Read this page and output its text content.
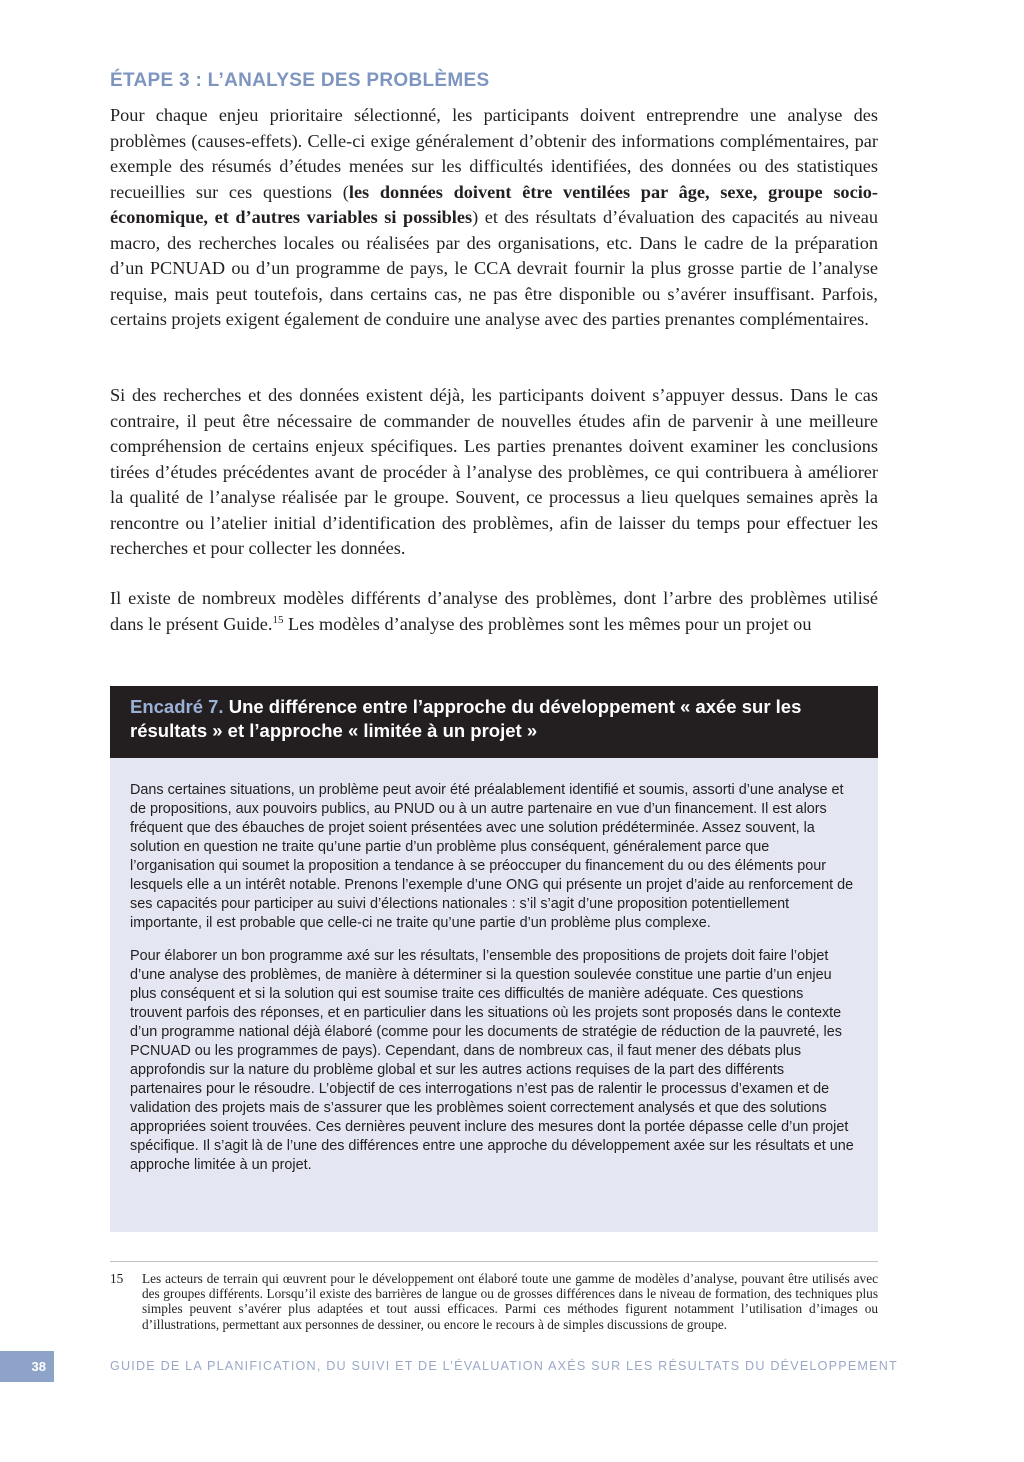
ÉTAPE 3 : L’ANALYSE DES PROBLÈMES

Pour chaque enjeu prioritaire sélectionné, les participants doivent entreprendre une analyse des problèmes (causes-effets). Celle-ci exige généralement d’obtenir des informations complémentaires, par exemple des résumés d’études menées sur les difficultés identifiées, des données ou des statistiques recueillies sur ces questions (les données doivent être ventilées par âge, sexe, groupe socio-économique, et d’autres variables si possibles) et des résultats d’évaluation des capacités au niveau macro, des recherches locales ou réalisées par des organisations, etc. Dans le cadre de la préparation d’un PCNUAD ou d’un programme de pays, le CCA devrait fournir la plus grosse partie de l’analyse requise, mais peut toutefois, dans certains cas, ne pas être disponible ou s’avérer insuffisant. Parfois, certains projets exigent également de conduire une analyse avec des parties prenantes complémentaires.

Si des recherches et des données existent déjà, les participants doivent s’appuyer dessus. Dans le cas contraire, il peut être nécessaire de commander de nouvelles études afin de parvenir à une meilleure compréhension de certains enjeux spécifiques. Les parties prenantes doivent examiner les conclusions tirées d’études précédentes avant de procéder à l’analyse des problèmes, ce qui contribuera à améliorer la qualité de l’analyse réalisée par le groupe. Souvent, ce processus a lieu quelques semaines après la rencontre ou l’atelier initial d’identification des problèmes, afin de laisser du temps pour effectuer les recherches et pour collecter les données.

Il existe de nombreux modèles différents d’analyse des problèmes, dont l’arbre des problèmes utilisé dans le présent Guide.$^{15}$ Les modèles d’analyse des problèmes sont les mêmes pour un projet ou

Encadré 7. Une différence entre l’approche du développement « axée sur les résultats » et l’approche « limitée à un projet »

Dans certaines situations, un problème peut avoir été préalablement identifié et soumis, assorti d’une analyse et de propositions, aux pouvoirs publics, au PNUD ou à un autre partenaire en vue d’un financement. Il est alors fréquent que des ébauches de projet soient présentées avec une solution prédéterminée. Assez souvent, la solution en question ne traite qu’une partie d’un problème plus conséquent, généralement parce que l’organisation qui soumet la proposition a tendance à se préoccuper du financement du ou des éléments pour lesquels elle a un intérêt notable. Prenons l’exemple d’une ONG qui présente un projet d’aide au renforcement de ses capacités pour participer au suivi d’élections nationales : s’il s’agit d’une proposition potentiellement importante, il est probable que celle-ci ne traite qu’une partie d’un problème plus complexe.

Pour élaborer un bon programme axé sur les résultats, l’ensemble des propositions de projets doit faire l’objet d’une analyse des problèmes, de manière à déterminer si la question soulevée constitue une partie d’un enjeu plus conséquent et si la solution qui est soumise traite ces difficultés de manière adéquate. Ces questions trouvent parfois des réponses, et en particulier dans les situations où les projets sont proposés dans le contexte d’un programme national déjà élaboré (comme pour les documents de stratégie de réduction de la pauvreté, les PCNUAD ou les programmes de pays). Cependant, dans de nombreux cas, il faut mener des débats plus approfondis sur la nature du problème global et sur les autres actions requises de la part des différents partenaires pour le résoudre. L’objectif de ces interrogations n’est pas de ralentir le processus d’examen et de validation des projets mais de s’assurer que les problèmes soient correctement analysés et que des solutions appropriées soient trouvées. Ces dernières peuvent inclure des mesures dont la portée dépasse celle d’un projet spécifique. Il s’agit là de l’une des différences entre une approche du développement axée sur les résultats et une approche limitée à un projet.

15	Les acteurs de terrain qui œuvrent pour le développement ont élaboré toute une gamme de modèles d’analyse, pouvant être utilisés avec des groupes différents. Lorsqu’il existe des barrières de langue ou de grosses différences dans le niveau de formation, des techniques plus simples peuvent s’avérer plus adaptées et tout aussi efficaces. Parmi ces méthodes figurent notamment l’utilisation d’images ou d’illustrations, permettant aux personnes de dessiner, ou encore le recours à de simples discussions de groupe.
38	GUIDE DE LA PLANIFICATION, DU SUIVI ET DE L’ÉVALUATION AXÉS SUR LES RÉSULTATS DU DÉVELOPPEMENT
